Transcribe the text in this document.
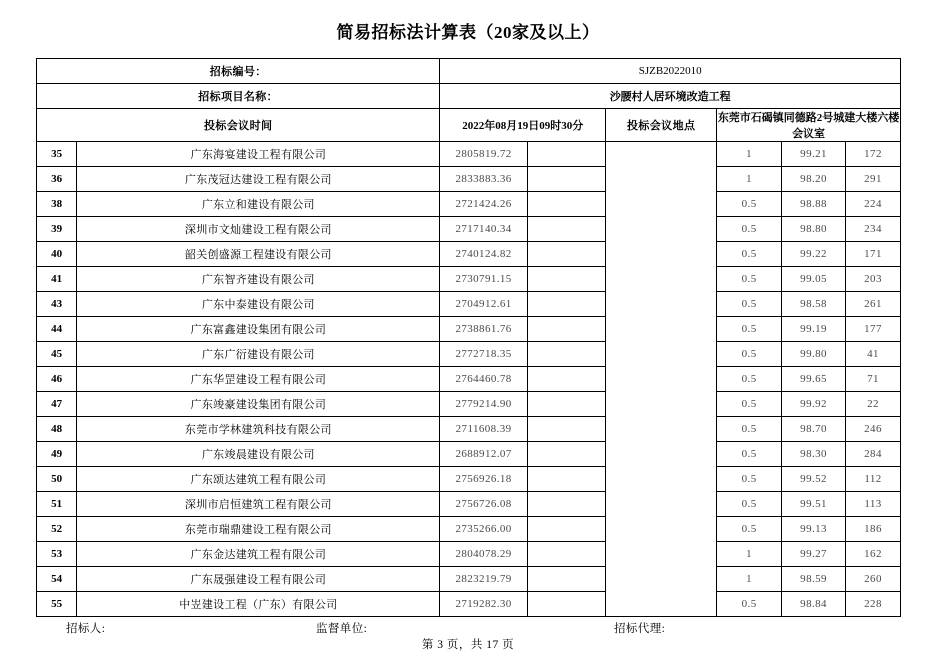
简易招标法计算表（20家及以上）
招标编号：		SJZB2022010					
招标项目名称：		沙腰村人居环境改造工程					
投标会议时间		2022年08月19日09时30分		投标会议地点	东莞市石碣镇同德路2号城建大楼六楼会议室		
35	广东海宴建设工程有限公司	2805819.72			1	99.21	172
36	广东茂冠达建设工程有限公司	2833883.36			1	98.20	291
38	广东立和建设有限公司	2721424.26			0.5	98.88	224
39	深圳市文灿建设工程有限公司	2717140.34			0.5	98.80	234
40	韶关创盛源工程建设有限公司	2740124.82			0.5	99.22	171
41	广东智齐建设有限公司	2730791.15			0.5	99.05	203
43	广东中泰建设有限公司	2704912.61			0.5	98.58	261
44	广东富鑫建设集团有限公司	2738861.76			0.5	99.19	177
45	广东广衍建设有限公司	2772718.35			0.5	99.80	41
46	广东华罡建设工程有限公司	2764460.78			0.5	99.65	71
47	广东竣豪建设集团有限公司	2779214.90			0.5	99.92	22
48	东莞市学林建筑科技有限公司	2711608.39			0.5	98.70	246
49	广东竣晨建设有限公司	2688912.07			0.5	98.30	284
50	广东颂达建筑工程有限公司	2756926.18			0.5	99.52	112
51	深圳市启恒建筑工程有限公司	2756726.08			0.5	99.51	113
52	东莞市瑞鼎建设工程有限公司	2735266.00			0.5	99.13	186
53	广东金达建筑工程有限公司	2804078.29			1	99.27	162
54	广东晟强建设工程有限公司	2823219.79			1	98.59	260
55	中岦建设工程（广东）有限公司	2719282.30			0.5	98.84	228
招标人:	监督单位:	招标代理:
第 3 页，共 17 页
